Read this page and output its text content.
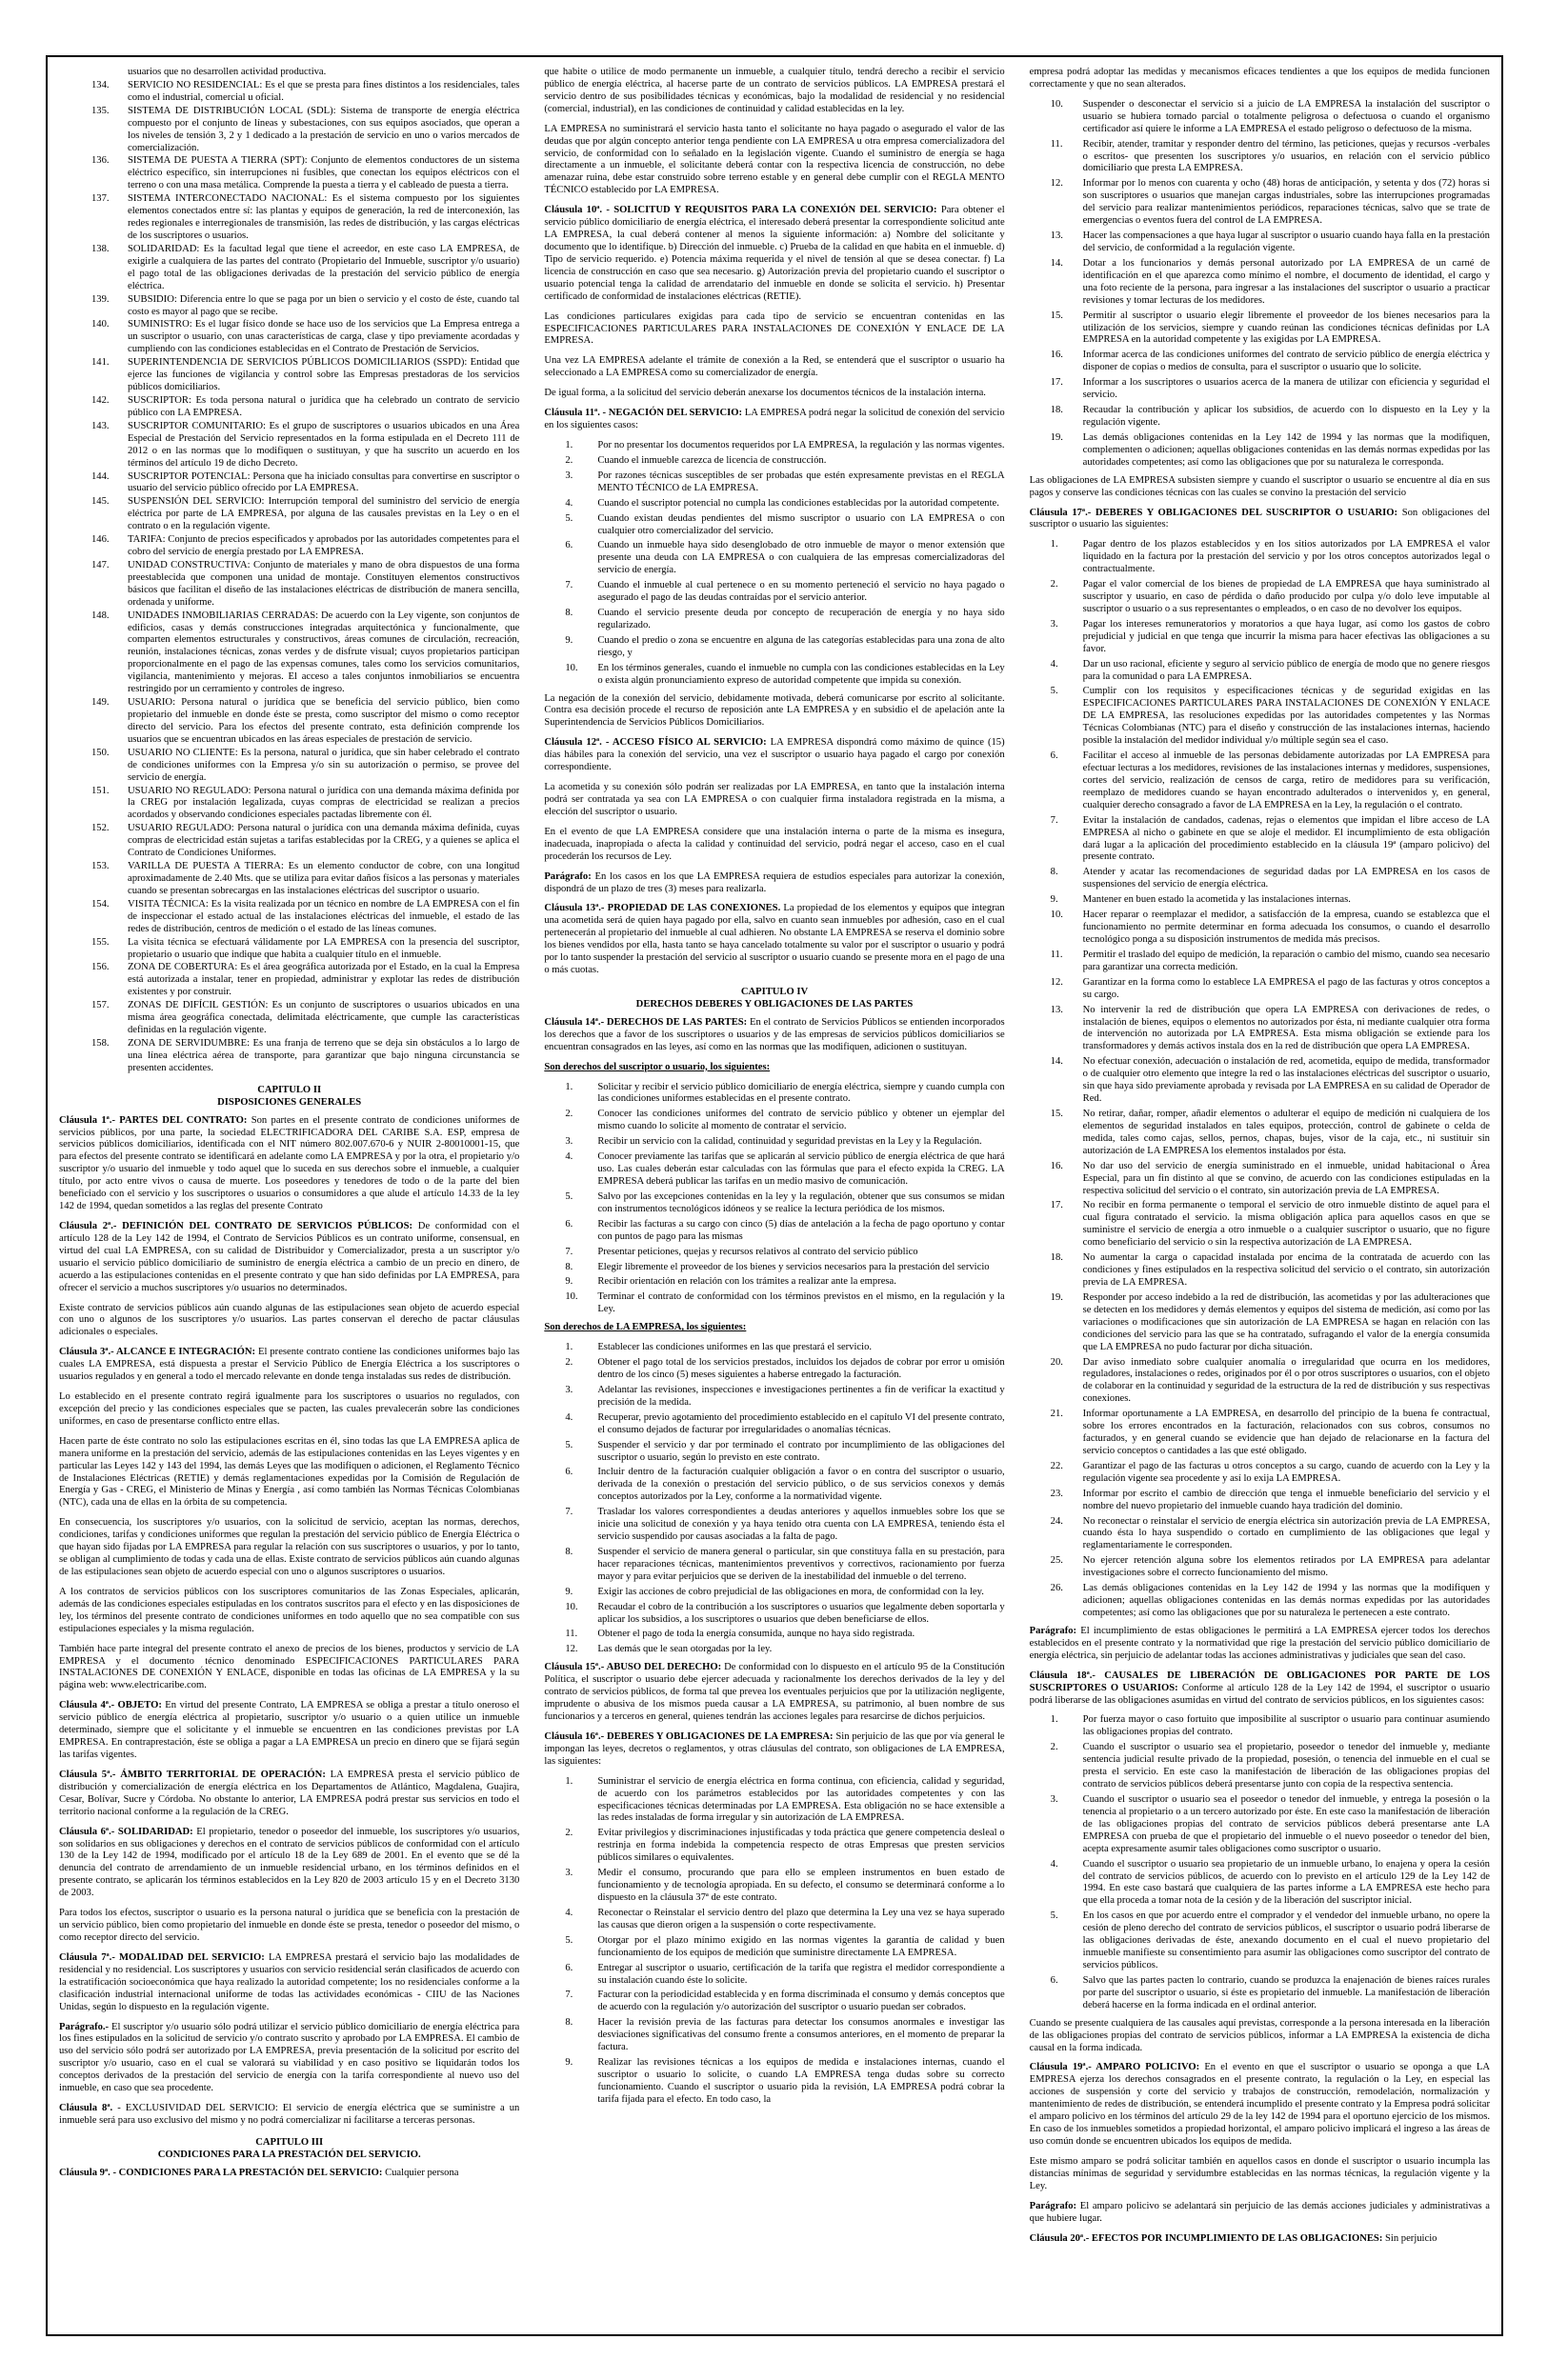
usuarios que no desarrollen actividad productiva.
134.	SERVICIO NO RESIDENCIAL: Es el que se presta para fines distintos a los residenciales, tales como el industrial, comercial u oficial.
135.	SISTEMA DE DISTRIBUCIÓN LOCAL (SDL): Sistema de transporte de energía eléctrica compuesto por el conjunto de líneas y subestaciones, con sus equipos asociados, que operan a los niveles de tensión 3, 2 y 1 dedicado a la prestación de servicio en uno o varios mercados de comercialización.
136.	SISTEMA DE PUESTA A TIERRA (SPT): Conjunto de elementos conductores de un sistema eléctrico específico, sin interrupciones ni fusibles, que conectan los equipos eléctricos con el terreno o con una masa metálica. Comprende la puesta a tierra y el cableado de puesta a tierra.
137.	SISTEMA INTERCONECTADO NACIONAL: Es el sistema compuesto por los siguientes elementos conectados entre sí: las plantas y equipos de generación, la red de interconexión, las redes regionales e interregionales de transmisión, las redes de distribución, y las cargas eléctricas de los suscriptores o usuarios.
138.	SOLIDARIDAD: Es la facultad legal que tiene el acreedor, en este caso LA EMPRESA, de exigirle a cualquiera de las partes del contrato (Propietario del Inmueble, suscriptor y/o usuario) el pago total de las obligaciones derivadas de la prestación del servicio público de energía eléctrica.
139.	SUBSIDIO: Diferencia entre lo que se paga por un bien o servicio y el costo de éste, cuando tal costo es mayor al pago que se recibe.
140.	SUMINISTRO: Es el lugar físico donde se hace uso de los servicios que La Empresa entrega a un suscriptor o usuario, con unas características de carga, clase y tipo previamente acordadas y cumpliendo con las condiciones establecidas en el Contrato de Prestación de Servicios.
141.	SUPERINTENDENCIA DE SERVICIOS PÚBLICOS DOMICILIARIOS (SSPD): Entidad que ejerce las funciones de vigilancia y control sobre las Empresas prestadoras de los servicios públicos domiciliarios.
142.	SUSCRIPTOR: Es toda persona natural o jurídica que ha celebrado un contrato de servicio público con LA EMPRESA.
143.	SUSCRIPTOR COMUNITARIO: Es el grupo de suscriptores o usuarios ubicados en una Área Especial de Prestación del Servicio representados en la forma estipulada en el Decreto 111 de 2012 o en las normas que lo modifiquen o sustituyan, y que ha suscrito un acuerdo en los términos del artículo 19 de dicho Decreto.
144.	SUSCRIPTOR POTENCIAL: Persona que ha iniciado consultas para convertirse en suscriptor o usuario del servicio público ofrecido por LA EMPRESA.
145.	SUSPENSIÓN DEL SERVICIO: Interrupción temporal del suministro del servicio de energía eléctrica por parte de LA EMPRESA, por alguna de las causales previstas en la Ley o en el contrato o en la regulación vigente.
146.	TARIFA: Conjunto de precios especificados y aprobados por las autoridades competentes para el cobro del servicio de energía prestado por LA EMPRESA.
147.	UNIDAD CONSTRUCTIVA: Conjunto de materiales y mano de obra dispuestos de una forma preestablecida que componen una unidad de montaje. Constituyen elementos constructivos básicos que facilitan el diseño de las instalaciones eléctricas de distribución de manera sencilla, ordenada y uniforme.
148.	UNIDADES INMOBILIARIAS CERRADAS: De acuerdo con la Ley vigente, son conjuntos de edificios, casas y demás construcciones integradas arquitectónica y funcionalmente, que comparten elementos estructurales y constructivos, áreas comunes de circulación, recreación, reunión, instalaciones técnicas, zonas verdes y de disfrute visual; cuyos propietarios participan proporcionalmente en el pago de las expensas comunes, tales como los servicios comunitarios, vigilancia, mantenimiento y mejoras. El acceso a tales conjuntos inmobiliarios se encuentra restringido por un cerramiento y controles de ingreso.
149.	USUARIO: Persona natural o jurídica que se beneficia del servicio público, bien como propietario del inmueble en donde éste se presta, como suscriptor del mismo o como receptor directo del servicio. Para los efectos del presente contrato, esta definición comprende los usuarios que se encuentran ubicados en las áreas especiales de prestación de servicio.
150.	USUARIO NO CLIENTE: Es la persona, natural o jurídica, que sin haber celebrado el contrato de condiciones uniformes con la Empresa y/o sin su autorización o permiso, se provee del servicio de energía.
151.	USUARIO NO REGULADO: Persona natural o jurídica con una demanda máxima definida por la CREG por instalación legalizada, cuyas compras de electricidad se realizan a precios acordados y observando condiciones especiales pactadas libremente con él.
152.	USUARIO REGULADO: Persona natural o jurídica con una demanda máxima definida, cuyas compras de electricidad están sujetas a tarifas establecidas por la CREG, y a quienes se aplica el Contrato de Condiciones Uniformes.
153.	VARILLA DE PUESTA A TIERRA: Es un elemento conductor de cobre, con una longitud aproximadamente de 2.40 Mts. que se utiliza para evitar daños físicos a las personas y materiales cuando se presentan sobrecargas en las instalaciones eléctricas del suscriptor o usuario.
154.	VISITA TÉCNICA: Es la visita realizada por un técnico en nombre de LA EMPRESA con el fin de inspeccionar el estado actual de las instalaciones eléctricas del inmueble, el estado de las redes de distribución, centros de medición o el estado de las líneas comunes.
155.	La visita técnica se efectuará válidamente por LA EMPRESA con la presencia del suscriptor, propietario o usuario que indique que habita a cualquier título en el inmueble.
156.	ZONA DE COBERTURA: Es el área geográfica autorizada por el Estado, en la cual la Empresa está autorizada a instalar, tener en propiedad, administrar y explotar las redes de distribución existentes y por construir.
157.	ZONAS DE DIFÍCIL GESTIÓN: Es un conjunto de suscriptores o usuarios ubicados en una misma área geográfica conectada, delimitada eléctricamente, que cumple las características definidas en la regulación vigente.
158.	ZONA DE SERVIDUMBRE: Es una franja de terreno que se deja sin obstáculos a lo largo de una línea eléctrica aérea de transporte, para garantizar que bajo ninguna circunstancia se presenten accidentes.
CAPITULO II
DISPOSICIONES GENERALES

Cláusula 1ª.- PARTES DEL CONTRATO: Son partes en el presente contrato de condiciones uniformes de servicios públicos, por una parte, la sociedad ELECTRIFICADORA DEL CARIBE S.A. ESP, empresa de servicios públicos domiciliarios, identificada con el NIT número 802.007.670-6 y NUIR 2-80010001-15, que para efectos del presente contrato se identificará en adelante como LA EMPRESA y por la otra, el propietario y/o suscriptor y/o usuario del inmueble y todo aquel que lo suceda en sus derechos sobre el inmueble, a cualquier título, por acto entre vivos o causa de muerte. Los poseedores y tenedores de todo o de la parte del bien beneficiado con el servicio y los suscriptores o usuarios o consumidores a que alude el artículo 14.33 de la ley 142 de 1994, quedan sometidos a las reglas del presente Contrato

Cláusula 2ª.- DEFINICIÓN DEL CONTRATO DE SERVICIOS PÚBLICOS: De conformidad con el artículo 128 de la Ley 142 de 1994, el Contrato de Servicios Públicos es un contrato uniforme, consensual, en virtud del cual LA EMPRESA, con su calidad de Distribuidor y Comercializador, presta a un suscriptor y/o usuario el servicio público domiciliario de suministro de energía eléctrica a cambio de un precio en dinero, de acuerdo a las estipulaciones contenidas en el presente contrato y que han sido definidas por LA EMPRESA, para ofrecer el servicio a muchos suscriptores y/o usuarios no determinados.

Existe contrato de servicios públicos aún cuando algunas de las estipulaciones sean objeto de acuerdo especial con uno o algunos de los suscriptores y/o usuarios. Las partes conservan el derecho de pactar cláusulas adicionales o especiales.

Cláusula 3ª.- ALCANCE E INTEGRACIÓN: El presente contrato contiene las condiciones uniformes bajo las cuales LA EMPRESA, está dispuesta a prestar el Servicio Público de Energía Eléctrica a los suscriptores o usuarios regulados y en general a todo el mercado relevante en donde tenga instaladas sus redes de distribución.

Lo establecido en el presente contrato regirá igualmente para los suscriptores o usuarios no regulados, con excepción del precio y las condiciones especiales que se pacten, las cuales prevalecerán sobre las condiciones uniformes, en caso de presentarse conflicto entre ellas.

Hacen parte de éste contrato no solo las estipulaciones escritas en él, sino todas las que LA EMPRESA aplica de manera uniforme en la prestación del servicio, además de las estipulaciones contenidas en las Leyes vigentes y en particular las Leyes 142 y 143 del 1994, las demás Leyes que las modifiquen o adicionen, el Reglamento Técnico de Instalaciones Eléctricas (RETIE) y demás reglamentaciones expedidas por la Comisión de Regulación de Energía y Gas - CREG, el Ministerio de Minas y Energía , así como también las Normas Técnicas Colombianas (NTC), cada una de ellas en la órbita de su competencia.

En consecuencia, los suscriptores y/o usuarios, con la solicitud de servicio, aceptan las normas, derechos, condiciones, tarifas y condiciones uniformes que regulan la prestación del servicio público de Energía Eléctrica o que hayan sido fijadas por LA EMPRESA para regular la relación con sus suscriptores o usuarios, y por lo tanto, se obligan al cumplimiento de todas y cada una de ellas. Existe contrato de servicios públicos aún cuando algunas de las estipulaciones sean objeto de acuerdo especial con uno o algunos suscriptores o usuarios.

A los contratos de servicios públicos con los suscriptores comunitarios de las Zonas Especiales, aplicarán, además de las condiciones especiales estipuladas en los contratos suscritos para el efecto y en las disposiciones de ley, los términos del presente contrato de condiciones uniformes en todo aquello que no sea compatible con sus estipulaciones especiales y la misma regulación.

También hace parte integral del presente contrato el anexo de precios de los bienes, productos y servicio de LA EMPRESA y el documento técnico denominado ESPECIFICACIONES PARTICULARES PARA INSTALACIONES DE CONEXIÓN Y ENLACE, disponible en todas las oficinas de LA EMPRESA y la su página web: www.electricaribe.com.

Cláusula 4ª.- OBJETO: En virtud del presente Contrato, LA EMPRESA se obliga a prestar a título oneroso el servicio público de energía eléctrica al propietario, suscriptor y/o usuario o a quien utilice un inmueble determinado, siempre que el solicitante y el inmueble se encuentren en las condiciones previstas por LA EMPRESA. En contraprestación, éste se obliga a pagar a LA EMPRESA un precio en dinero que se fijará según las tarifas vigentes.

Cláusula 5ª.- ÁMBITO TERRITORIAL DE OPERACIÓN: LA EMPRESA presta el servicio público de distribución y comercialización de energía eléctrica en los Departamentos de Atlántico, Magdalena, Guajira, Cesar, Bolívar, Sucre y Córdoba. No obstante lo anterior, LA EMPRESA podrá prestar sus servicios en todo el territorio nacional conforme a la regulación de la CREG.

Cláusula 6ª.- SOLIDARIDAD: El propietario, tenedor o poseedor del inmueble, los suscriptores y/o usuarios, son solidarios en sus obligaciones y derechos en el contrato de servicios públicos de conformidad con el artículo 130 de la Ley 142 de 1994, modificado por el artículo 18 de la Ley 689 de 2001. En el evento que se dé la denuncia del contrato de arrendamiento de un inmueble residencial urbano, en los términos definidos en el presente contrato, se aplicarán los términos establecidos en la Ley 820 de 2003 artículo 15 y en el Decreto 3130 de 2003.

Para todos los efectos, suscriptor o usuario es la persona natural o jurídica que se beneficia con la prestación de un servicio público, bien como propietario del inmueble en donde éste se presta, tenedor o poseedor del mismo, o como receptor directo del servicio.

Cláusula 7ª.- MODALIDAD DEL SERVICIO: LA EMPRESA prestará el servicio bajo las modalidades de residencial y no residencial. Los suscriptores y usuarios con servicio residencial serán clasificados de acuerdo con la estratificación socioeconómica que haya realizado la autoridad competente; los no residenciales conforme a la clasificación industrial internacional uniforme de todas las actividades económicas - CIIU de las Naciones Unidas, según lo dispuesto en la regulación vigente.

Parágrafo.- El suscriptor y/o usuario sólo podrá utilizar el servicio público domiciliario de energía eléctrica para los fines estipulados en la solicitud de servicio y/o contrato suscrito y aprobado por LA EMPRESA. El cambio de uso del servicio sólo podrá ser autorizado por LA EMPRESA, previa presentación de la solicitud por escrito del suscriptor y/o usuario, caso en el cual se valorará su viabilidad y en caso positivo se liquidarán todos los conceptos derivados de la prestación del servicio de energía con la tarifa correspondiente al nuevo uso del inmueble, en caso que sea procedente.

Cláusula 8ª. - EXCLUSIVIDAD DEL SERVICIO: El servicio de energía eléctrica que se suministre a un inmueble será para uso exclusivo del mismo y no podrá comercializar ni facilitarse a terceras personas.

CAPITULO III
CONDICIONES PARA LA PRESTACIÓN DEL SERVICIO.

Cláusula 9ª. - CONDICIONES PARA LA PRESTACIÓN DEL SERVICIO: Cualquier persona

que habite o utilice de modo permanente un inmueble, a cualquier título, tendrá derecho a recibir el servicio público de energía eléctrica, al hacerse parte de un contrato de servicios públicos. LA EMPRESA prestará el servicio dentro de sus posibilidades técnicas y económicas, bajo la modalidad de residencial y no residencial (comercial, industrial), en las condiciones de continuidad y calidad establecidas en la ley.

LA EMPRESA no suministrará el servicio hasta tanto el solicitante no haya pagado o asegurado el valor de las deudas que por algún concepto anterior tenga pendiente con LA EMPRESA u otra empresa comercializadora del servicio, de conformidad con lo señalado en la legislación vigente. Cuando el suministro de energía se haga directamente a un inmueble, el solicitante deberá contar con la respectiva licencia de construcción, no debe amenazar ruina, debe estar construido sobre terreno estable y en general debe cumplir con el REGLA MENTO TÉCNICO establecido por LA EMPRESA.

Cláusula 10ª. - SOLICITUD Y REQUISITOS PARA LA CONEXIÓN DEL SERVICIO: Para obtener el servicio público domiciliario de energía eléctrica, el interesado deberá presentar la correspondiente solicitud ante LA EMPRESA, la cual deberá contener al menos la siguiente información: a) Nombre del solicitante y documento que lo identifique. b) Dirección del inmueble. c) Prueba de la calidad en que habita en el inmueble. d) Tipo de servicio requerido. e) Potencia máxima requerida y el nivel de tensión al que se desea conectar. f) La licencia de construcción en caso que sea necesario. g) Autorización previa del propietario cuando el suscriptor o usuario potencial tenga la calidad de arrendatario del inmueble en donde se solicita el servicio. h) Presentar certificado de conformidad de instalaciones eléctricas (RETIE).

Las condiciones particulares exigidas para cada tipo de servicio se encuentran contenidas en las ESPECIFICACIONES PARTICULARES PARA INSTALACIONES DE CONEXIÓN Y ENLACE DE LA EMPRESA.

Una vez LA EMPRESA adelante el trámite de conexión a la Red, se entenderá que el suscriptor o usuario ha seleccionado a LA EMPRESA como su comercializador de energía.

De igual forma, a la solicitud del servicio deberán anexarse los documentos técnicos de la instalación interna.

Cláusula 11ª. - NEGACIÓN DEL SERVICIO: LA EMPRESA podrá negar la solicitud de conexión del servicio en los siguientes casos:

1.	Por no presentar los documentos requeridos por LA EMPRESA, la regulación y las normas vigentes.
2.	Cuando el inmueble carezca de licencia de construcción.
3.	Por razones técnicas susceptibles de ser probadas que estén expresamente previstas en el REGLA MENTO TÉCNICO de LA EMPRESA.
4.	Cuando el suscriptor potencial no cumpla las condiciones establecidas por la autoridad competente.
5.	Cuando existan deudas pendientes del mismo suscriptor o usuario con LA EMPRESA o con cualquier otro comercializador del servicio.
6.	Cuando un inmueble haya sido desenglobado de otro inmueble de mayor o menor extensión que presente una deuda con LA EMPRESA o con cualquiera de las empresas comercializadoras del servicio de energía.
7.	Cuando el inmueble al cual pertenece o en su momento perteneció el servicio no haya pagado o asegurado el pago de las deudas contraídas por el servicio anterior.
8.	Cuando el servicio presente deuda por concepto de recuperación de energía y no haya sido regularizado.
9.	Cuando el predio o zona se encuentre en alguna de las categorías establecidas para una zona de alto riesgo, y
10.	En los términos generales, cuando el inmueble no cumpla con las condiciones establecidas en la Ley o exista algún pronunciamiento expreso de autoridad competente que impida su conexión.

La negación de la conexión del servicio, debidamente motivada, deberá comunicarse por escrito al solicitante. Contra esa decisión procede el recurso de reposición ante LA EMPRESA y en subsidio el de apelación ante la Superintendencia de Servicios Públicos Domiciliarios.

Cláusula 12ª. - ACCESO FÍSICO AL SERVICIO: LA EMPRESA dispondrá como máximo de quince (15) días hábiles para la conexión del servicio, una vez el suscriptor o usuario haya pagado el cargo por conexión correspondiente.

La acometida y su conexión sólo podrán ser realizadas por LA EMPRESA, en tanto que la instalación interna podrá ser contratada ya sea con LA EMPRESA o con cualquier firma instaladora registrada en la misma, a elección del suscriptor o usuario.

En el evento de que LA EMPRESA considere que una instalación interna o parte de la misma es insegura, inadecuada, inapropiada o afecta la calidad y continuidad del servicio, podrá negar el acceso, caso en el cual procederán los recursos de Ley.

Parágrafo: En los casos en los que LA EMPRESA requiera de estudios especiales para autorizar la conexión, dispondrá de un plazo de tres (3) meses para realizarla.

Cláusula 13ª.- PROPIEDAD DE LAS CONEXIONES. La propiedad de los elementos y equipos que integran una acometida será de quien haya pagado por ella, salvo en cuanto sean inmuebles por adhesión, caso en el cual pertenecerán al propietario del inmueble al cual adhieren. No obstante LA EMPRESA se reserva el dominio sobre los bienes vendidos por ella, hasta tanto se haya cancelado totalmente su valor por el suscriptor o usuario y podrá por lo tanto suspender la prestación del servicio al suscriptor o usuario cuando se presente mora en el pago de una o más cuotas.

CAPITULO IV
DERECHOS DEBERES Y OBLIGACIONES DE LAS PARTES

Cláusula 14ª.- DERECHOS DE LAS PARTES: En el contrato de Servicios Públicos se entienden incorporados los derechos que a favor de los suscriptores o usuarios y de las empresas de servicios públicos domiciliarios se encuentran consagrados en las leyes, así como en las normas que las modifiquen, adicionen o sustituyan.

Son derechos del suscriptor o usuario, los siguientes:

1.	Solicitar y recibir el servicio público domiciliario de energía eléctrica, siempre y cuando cumpla con las condiciones uniformes establecidas en el presente contrato.
2.	Conocer las condiciones uniformes del contrato de servicio público y obtener un ejemplar del mismo cuando lo solicite al momento de contratar el servicio.
3.	Recibir un servicio con la calidad, continuidad y seguridad previstas en la Ley y la Regulación.
4.	Conocer previamente las tarifas que se aplicarán al servicio público de energía eléctrica de que hará uso. Las cuales deberán estar calculadas con las fórmulas que para el efecto expida la CREG. LA EMPRESA deberá publicar las tarifas en un medio masivo de comunicación.
5.	Salvo por las excepciones contenidas en la ley y la regulación, obtener que sus consumos se midan con instrumentos tecnológicos idóneos y se realice la lectura periódica de los mismos.
6.	Recibir las facturas a su cargo con cinco (5) días de antelación a la fecha de pago oportuno y contar con puntos de pago para las mismas
7.	Presentar peticiones, quejas y recursos relativos al contrato del servicio público
8.	Elegir libremente el proveedor de los bienes y servicios necesarios para la prestación del servicio
9.	Recibir orientación en relación con los trámites a realizar ante la empresa.
10.	Terminar el contrato de conformidad con los términos previstos en el mismo, en la regulación y la Ley.

Son derechos de LA EMPRESA, los siguientes:

1.	Establecer las condiciones uniformes en las que prestará el servicio.
2.	Obtener el pago total de los servicios prestados, incluidos los dejados de cobrar por error u omisión dentro de los cinco (5) meses siguientes a haberse entregado la facturación.
3.	Adelantar las revisiones, inspecciones e investigaciones pertinentes a fin de verificar la exactitud y precisión de la medida.
4.	Recuperar, previo agotamiento del procedimiento establecido en el capítulo VI del presente contrato, el consumo dejados de facturar por irregularidades o anomalías técnicas.
5.	Suspender el servicio y dar por terminado el contrato por incumplimiento de las obligaciones del suscriptor o usuario, según lo previsto en este contrato.
6.	Incluir dentro de la facturación cualquier obligación a favor o en contra del suscriptor o usuario, derivada de la conexión o prestación del servicio público, o de sus servicios conexos y demás conceptos autorizados por la Ley, conforme a la normatividad vigente.
7.	Trasladar los valores correspondientes a deudas anteriores y aquellos inmuebles sobre los que se inicie una solicitud de conexión y ya haya tenido otra cuenta con LA EMPRESA, teniendo ésta el servicio suspendido por causas asociadas a la falta de pago.
8.	Suspender el servicio de manera general o particular, sin que constituya falla en su prestación, para hacer reparaciones técnicas, mantenimientos preventivos y correctivos, racionamiento por fuerza mayor y para evitar perjuicios que se deriven de la inestabilidad del inmueble o del terreno.
9.	Exigir las acciones de cobro prejudicial de las obligaciones en mora, de conformidad con la ley.
10.	Recaudar el cobro de la contribución a los suscriptores o usuarios que legalmente deben soportarla y aplicar los subsidios, a los suscriptores o usuarios que deben beneficiarse de ellos.
11.	Obtener el pago de toda la energía consumida, aunque no haya sido registrada.
12.	Las demás que le sean otorgadas por la ley.

Cláusula 15ª.- ABUSO DEL DERECHO: De conformidad con lo dispuesto en el artículo 95 de la Constitución Política, el suscriptor o usuario debe ejercer adecuada y racionalmente los derechos derivados de la ley y del contrato de servicios públicos, de forma tal que prevea los eventuales perjuicios que por la utilización negligente, imprudente o abusiva de los mismos pueda causar a LA EMPRESA, su patrimonio, al buen nombre de sus funcionarios y a terceros en general, quienes tendrán las acciones legales para resarcirse de dichos perjuicios.

Cláusula 16ª.- DEBERES Y OBLIGACIONES DE LA EMPRESA: Sin perjuicio de las que por vía general le impongan las leyes, decretos o reglamentos, y otras cláusulas del contrato, son obligaciones de LA EMPRESA, las siguientes:

1.	Suministrar el servicio de energía eléctrica en forma continua, con eficiencia, calidad y seguridad, de acuerdo con los parámetros establecidos por las autoridades competentes y con las especificaciones técnicas determinadas por LA EMPRESA. Esta obligación no se hace extensible a las redes instaladas de forma irregular y sin autorización de LA EMPRESA.
2.	Evitar privilegios y discriminaciones injustificadas y toda práctica que genere competencia desleal o restrinja en forma indebida la competencia respecto de otras Empresas que presten servicios públicos similares o equivalentes.
3.	Medir el consumo, procurando que para ello se empleen instrumentos en buen estado de funcionamiento y de tecnología apropiada. En su defecto, el consumo se determinará conforme a lo dispuesto en la cláusula 37ª de este contrato.
4.	Reconectar o Reinstalar el servicio dentro del plazo que determina la Ley una vez se haya superado las causas que dieron origen a la suspensión o corte respectivamente.
5.	Otorgar por el plazo mínimo exigido en las normas vigentes la garantía de calidad y buen funcionamiento de los equipos de medición que suministre directamente LA EMPRESA.
6.	Entregar al suscriptor o usuario, certificación de la tarifa que registra el medidor correspondiente a su instalación cuando éste lo solicite.
7.	Facturar con la periodicidad establecida y en forma discriminada el consumo y demás conceptos que de acuerdo con la regulación y/o autorización del suscriptor o usuario puedan ser cobrados.
8.	Hacer la revisión previa de las facturas para detectar los consumos anormales e investigar las desviaciones significativas del consumo frente a consumos anteriores, en el momento de preparar la factura.
9.	Realizar las revisiones técnicas a los equipos de medida e instalaciones internas, cuando el suscriptor o usuario lo solicite, o cuando LA EMPRESA tenga dudas sobre su correcto funcionamiento. Cuando el suscriptor o usuario pida la revisión, LA EMPRESA podrá cobrar la tarifa fijada para el efecto. En todo caso, la

empresa podrá adoptar las medidas y mecanismos eficaces tendientes a que los equipos de medida funcionen correctamente y que no sean alterados.

10.	Suspender o desconectar el servicio si a juicio de LA EMPRESA la instalación del suscriptor o usuario se hubiera tornado parcial o totalmente peligrosa o defectuosa o cuando el organismo certificador así quiere le informe a LA EMPRESA el estado peligroso o defectuoso de la misma.
11.	Recibir, atender, tramitar y responder dentro del término, las peticiones, quejas y recursos -verbales o escritos- que presenten los suscriptores y/o usuarios, en relación con el servicio público domiciliario que presta LA EMPRESA.
12.	Informar por lo menos con cuarenta y ocho (48) horas de anticipación, y setenta y dos (72) horas si son suscriptores o usuarios que manejan cargas industriales, sobre las interrupciones programadas del servicio para realizar mantenimientos periódicos, reparaciones técnicas, salvo que se trate de emergencias o eventos fuera del control de LA EMPRESA.
13.	Hacer las compensaciones a que haya lugar al suscriptor o usuario cuando haya falla en la prestación del servicio, de conformidad a la regulación vigente.
14.	Dotar a los funcionarios y demás personal autorizado por LA EMPRESA de un carné de identificación en el que aparezca como mínimo el nombre, el documento de identidad, el cargo y una foto reciente de la persona, para ingresar a las instalaciones del suscriptor o usuario a practicar revisiones y tomar lecturas de los medidores.
15.	Permitir al suscriptor o usuario elegir libremente el proveedor de los bienes necesarios para la utilización de los servicios, siempre y cuando reúnan las condiciones técnicas definidas por LA EMPRESA en la autoridad competente y las exigidas por LA EMPRESA.
16.	Informar acerca de las condiciones uniformes del contrato de servicio público de energía eléctrica y disponer de copias o medios de consulta, para el suscriptor o usuario que lo solicite.
17.	Informar a los suscriptores o usuarios acerca de la manera de utilizar con eficiencia y seguridad el servicio.
18.	Recaudar la contribución y aplicar los subsidios, de acuerdo con lo dispuesto en la Ley y la regulación vigente.
19.	Las demás obligaciones contenidas en la Ley 142 de 1994 y las normas que la modifiquen, complementen o adicionen; aquellas obligaciones contenidas en las demás normas expedidas por las autoridades competentes; así como las obligaciones que por su naturaleza le corresponda.

Las obligaciones de LA EMPRESA subsisten siempre y cuando el suscriptor o usuario se encuentre al día en sus pagos y conserve las condiciones técnicas con las cuales se convino la prestación del servicio

Cláusula 17ª.- DEBERES Y OBLIGACIONES DEL SUSCRIPTOR O USUARIO: Son obligaciones del suscriptor o usuario las siguientes:

1.	Pagar dentro de los plazos establecidos y en los sitios autorizados por LA EMPRESA el valor liquidado en la factura por la prestación del servicio y por los otros conceptos autorizados legal o contractualmente.
2.	Pagar el valor comercial de los bienes de propiedad de LA EMPRESA que haya suministrado al suscriptor y usuario, en caso de pérdida o daño producido por culpa y/o dolo leve imputable al suscriptor o usuario o a sus representantes o empleados, o en caso de no devolver los equipos.
3.	Pagar los intereses remuneratorios y moratorios a que haya lugar, así como los gastos de cobro prejudicial y judicial en que tenga que incurrir la misma para hacer efectivas las obligaciones a su favor.
4.	Dar un uso racional, eficiente y seguro al servicio público de energía de modo que no genere riesgos para la comunidad o para LA EMPRESA.
5.	Cumplir con los requisitos y especificaciones técnicas y de seguridad exigidas en las ESPECIFICACIONES PARTICULARES PARA INSTALACIONES DE CONEXIÓN Y ENLACE DE LA EMPRESA, las resoluciones expedidas por las autoridades competentes y las Normas Técnicas Colombianas (NTC) para el diseño y construcción de las instalaciones internas, haciendo posible la instalación del medidor individual y/o múltiple según sea el caso.
6.	Facilitar el acceso al inmueble de las personas debidamente autorizadas por LA EMPRESA para efectuar lecturas a los medidores, revisiones de las instalaciones internas y medidores, suspensiones, cortes del servicio, realización de censos de carga, retiro de medidores para su verificación, reemplazo de medidores cuando se hayan encontrado adulterados o intervenidos y, en general, cualquier derecho consagrado a favor de LA EMPRESA en la Ley, la regulación o el contrato.
7.	Evitar la instalación de candados, cadenas, rejas o elementos que impidan el libre acceso de LA EMPRESA al nicho o gabinete en que se aloje el medidor. El incumplimiento de esta obligación dará lugar a la aplicación del procedimiento establecido en la cláusula 19ª (amparo policivo) del presente contrato.
8.	Atender y acatar las recomendaciones de seguridad dadas por LA EMPRESA en los casos de suspensiones del servicio de energía eléctrica.
9.	Mantener en buen estado la acometida y las instalaciones internas.
10.	Hacer reparar o reemplazar el medidor, a satisfacción de la empresa, cuando se establezca que el funcionamiento no permite determinar en forma adecuada los consumos, o cuando el desarrollo tecnológico ponga a su disposición instrumentos de medida más precisos.
11.	Permitir el traslado del equipo de medición, la reparación o cambio del mismo, cuando sea necesario para garantizar una correcta medición.
12.	Garantizar en la forma como lo establece LA EMPRESA el pago de las facturas y otros conceptos a su cargo.
13.	No intervenir la red de distribución que opera LA EMPRESA con derivaciones de redes, o instalación de bienes, equipos o elementos no autorizados por ésta, ni mediante cualquier otra forma de intervención no autorizada por LA EMPRESA. Esta misma obligación se extiende para los transformadores y demás activos instala dos en la red de distribución que opera LA EMPRESA.
14.	No efectuar conexión, adecuación o instalación de red, acometida, equipo de medida, transformador o de cualquier otro elemento que integre la red o las instalaciones eléctricas del suscriptor o usuario, sin que haya sido previamente aprobada y revisada por LA EMPRESA en su calidad de Operador de Red.
15.	No retirar, dañar, romper, añadir elementos o adulterar el equipo de medición ni cualquiera de los elementos de seguridad instalados en tales equipos, protección, control de gabinete o celda de medida, tales como cajas, sellos, pernos, chapas, bujes, visor de la caja, etc., ni sustituir sin autorización de LA EMPRESA los elementos instalados por ésta.
16.	No dar uso del servicio de energía suministrado en el inmueble, unidad habitacional o Área Especial, para un fin distinto al que se convino, de acuerdo con las condiciones estipuladas en la respectiva solicitud del servicio o el contrato, sin autorización previa de LA EMPRESA.
17.	No recibir en forma permanente o temporal el servicio de otro inmueble distinto de aquel para el cual figura contratado el servicio. la misma obligación aplica para aquellos casos en que se suministre el servicio de energía a otro inmueble o a cualquier suscriptor o usuario, que no figure como beneficiario del servicio o sin la respectiva autorización de LA EMPRESA.
18.	No aumentar la carga o capacidad instalada por encima de la contratada de acuerdo con las condiciones y fines estipulados en la respectiva solicitud del servicio o el contrato, sin autorización previa de LA EMPRESA.
19.	Responder por acceso indebido a la red de distribución, las acometidas y por las adulteraciones que se detecten en los medidores y demás elementos y equipos del sistema de medición, así como por las variaciones o modificaciones que sin autorización de LA EMPRESA se hagan en relación con las condiciones del servicio para las que se ha contratado, sufragando el valor de la energía consumida que LA EMPRESA no pudo facturar por dicha situación.
20.	Dar aviso inmediato sobre cualquier anomalía o irregularidad que ocurra en los medidores, reguladores, instalaciones o redes, originados por él o por otros suscriptores o usuarios, con el objeto de colaborar en la continuidad y seguridad de la estructura de la red de distribución y sus respectivas conexiones.
21.	Informar oportunamente a LA EMPRESA, en desarrollo del principio de la buena fe contractual, sobre los errores encontrados en la facturación, relacionados con sus cobros, consumos no facturados, y en general cuando se evidencie que han dejado de relacionarse en la factura del servicio conceptos o cantidades a las que esté obligado.
22.	Garantizar el pago de las facturas u otros conceptos a su cargo, cuando de acuerdo con la Ley y la regulación vigente sea procedente y así lo exija LA EMPRESA.
23.	Informar por escrito el cambio de dirección que tenga el inmueble beneficiario del servicio y el nombre del nuevo propietario del inmueble cuando haya tradición del dominio.
24.	No reconectar o reinstalar el servicio de energía eléctrica sin autorización previa de LA EMPRESA, cuando ésta lo haya suspendido o cortado en cumplimiento de las obligaciones que legal y reglamentariamente le corresponden.
25.	No ejercer retención alguna sobre los elementos retirados por LA EMPRESA para adelantar investigaciones sobre el correcto funcionamiento del mismo.
26.	Las demás obligaciones contenidas en la Ley 142 de 1994 y las normas que la modifiquen y adicionen; aquellas obligaciones contenidas en las demás normas expedidas por las autoridades competentes; así como las obligaciones que por su naturaleza le pertenecen a este contrato.

Parágrafo: El incumplimiento de estas obligaciones le permitirá a LA EMPRESA ejercer todos los derechos establecidos en el presente contrato y la normatividad que rige la prestación del servicio público domiciliario de energía eléctrica, sin perjuicio de adelantar todas las acciones administrativas y judiciales que sean del caso.

Cláusula 18ª.- CAUSALES DE LIBERACIÓN DE OBLIGACIONES POR PARTE DE LOS SUSCRIPTORES O USUARIOS: Conforme al artículo 128 de la Ley 142 de 1994, el suscriptor o usuario podrá liberarse de las obligaciones asumidas en virtud del contrato de servicios públicos, en los siguientes casos:

1.	Por fuerza mayor o caso fortuito que imposibilite al suscriptor o usuario para continuar asumiendo las obligaciones propias del contrato.
2.	Cuando el suscriptor o usuario sea el propietario, poseedor o tenedor del inmueble y, mediante sentencia judicial resulte privado de la propiedad, posesión, o tenencia del inmueble en el cual se presta el servicio. En este caso la manifestación de liberación de las obligaciones propias del contrato de servicios públicos deberá presentarse junto con copia de la respectiva sentencia.
3.	Cuando el suscriptor o usuario sea el poseedor o tenedor del inmueble, y entrega la posesión o la tenencia al propietario o a un tercero autorizado por éste. En este caso la manifestación de liberación de las obligaciones propias del contrato de servicios públicos deberá presentarse ante LA EMPRESA con prueba de que el propietario del inmueble o el nuevo poseedor o tenedor del bien, acepta expresamente asumir tales obligaciones como suscriptor o usuario.
4.	Cuando el suscriptor o usuario sea propietario de un inmueble urbano, lo enajena y opera la cesión del contrato de servicios públicos, de acuerdo con lo previsto en el artículo 129 de la Ley 142 de 1994. En este caso bastará que cualquiera de las partes informe a LA EMPRESA este hecho para que ella proceda a tomar nota de la cesión y de la liberación del suscriptor inicial.
5.	En los casos en que por acuerdo entre el comprador y el vendedor del inmueble urbano, no opere la cesión de pleno derecho del contrato de servicios públicos, el suscriptor o usuario podrá liberarse de las obligaciones derivadas de éste, anexando documento en el cual el nuevo propietario del inmueble manifieste su consentimiento para asumir las obligaciones como suscriptor del contrato de servicios públicos.
6.	Salvo que las partes pacten lo contrario, cuando se produzca la enajenación de bienes raíces rurales por parte del suscriptor o usuario, si éste es propietario del inmueble. La manifestación de liberación deberá hacerse en la forma indicada en el ordinal anterior.

Cuando se presente cualquiera de las causales aquí previstas, corresponde a la persona interesada en la liberación de las obligaciones propias del contrato de servicios públicos, informar a LA EMPRESA la existencia de dicha causal en la forma indicada.

Cláusula 19ª.- AMPARO POLICIVO: En el evento en que el suscriptor o usuario se oponga a que LA EMPRESA ejerza los derechos consagrados en el presente contrato, la regulación o la Ley, en especial las acciones de suspensión y corte del servicio y trabajos de construcción, remodelación, normalización y mantenimiento de redes de distribución, se entenderá incumplido el presente contrato y la Empresa podrá solicitar el amparo policivo en los términos del artículo 29 de la ley 142 de 1994 para el oportuno ejercicio de los mismos. En caso de los inmuebles sometidos a propiedad horizontal, el amparo policivo implicará el ingreso a las áreas de uso común donde se encuentren ubicados los equipos de medida.

Este mismo amparo se podrá solicitar también en aquellos casos en donde el suscriptor o usuario incumpla las distancias mínimas de seguridad y servidumbre establecidas en las normas técnicas, la regulación vigente y la Ley.

Parágrafo: El amparo policivo se adelantará sin perjuicio de las demás acciones judiciales y administrativas a que hubiere lugar.

Cláusula 20ª.- EFECTOS POR INCUMPLIMIENTO DE LAS OBLIGACIONES: Sin perjuicio
